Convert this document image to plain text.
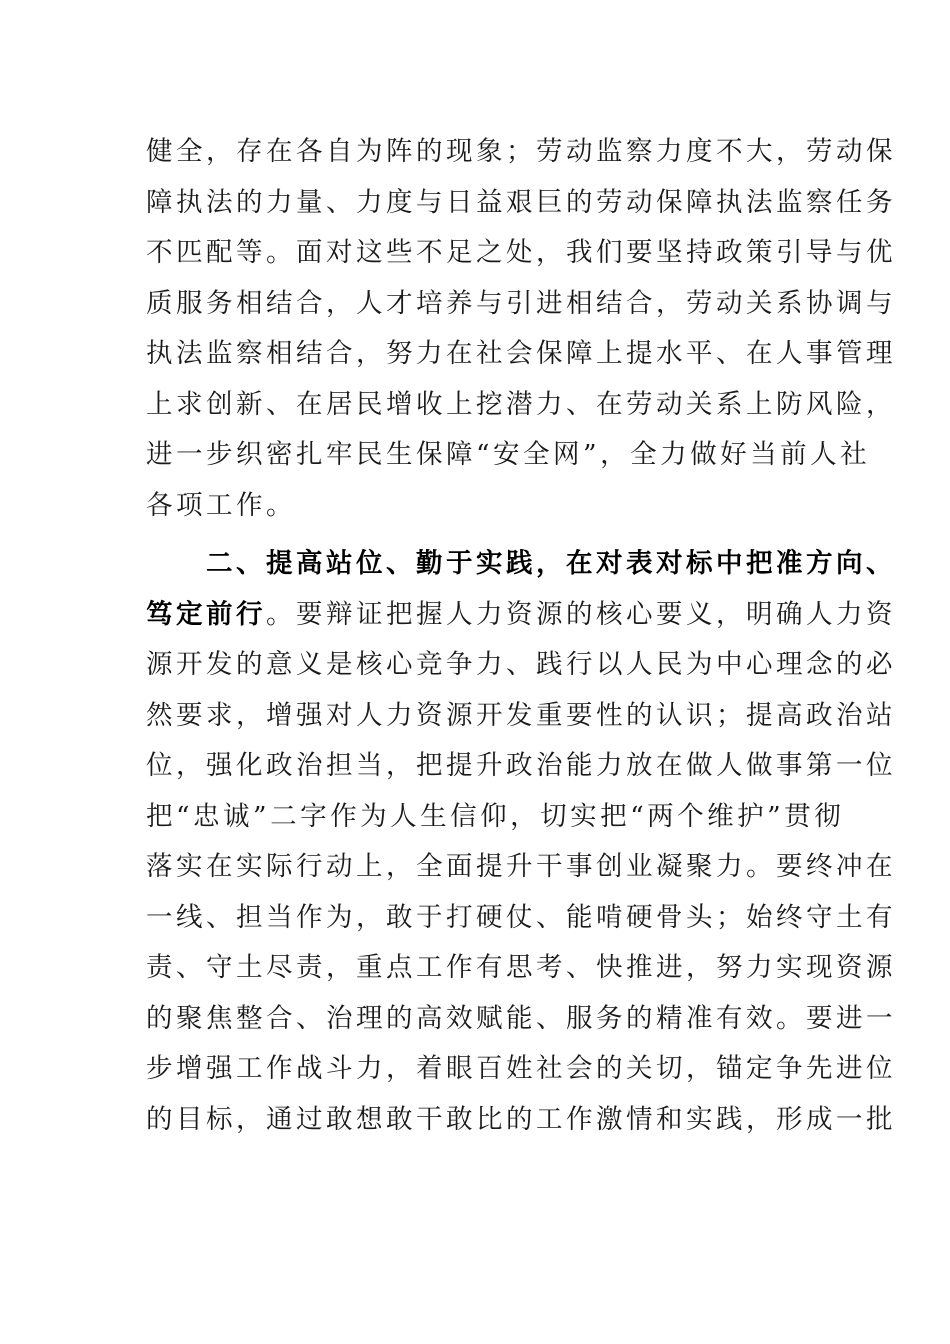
健全，存在各自为阵的现象；劳动监察力度不大，劳动保
障执法的力量、力度与日益艰巨的劳动保障执法监察任务
不匹配等。面对这些不足之处，我们要坚持政策引导与优
质服务相结合，人才培养与引进相结合，劳动关系协调与
执法监察相结合，努力在社会保障上提水平、在人事管理
上求创新、在居民增收上挖潜力、在劳动关系上防风险，
进一步织密扎牢民生保障“安全网”，全力做好当前人社
各项工作。
　　二、提高站位、勤于实践，在对表对标中把准方向、
笃定前行。要辩证把握人力资源的核心要义，明确人力资
源开发的意义是核心竞争力、践行以人民为中心理念的必
然要求，增强对人力资源开发重要性的认识；提高政治站
位，强化政治担当，把提升政治能力放在做人做事第一位
把“忠诚”二字作为人生信仰，切实把“两个维护”贯彻
落实在实际行动上，全面提升干事创业凝聚力。要终冲在
一线、担当作为，敢于打硬仗、能啃硬骨头；始终守土有
责、守土尽责，重点工作有思考、快推进，努力实现资源
的聚焦整合、治理的高效赋能、服务的精准有效。要进一
步增强工作战斗力，着眼百姓社会的关切，锚定争先进位
的目标，通过敢想敢干敢比的工作激情和实践，形成一批
